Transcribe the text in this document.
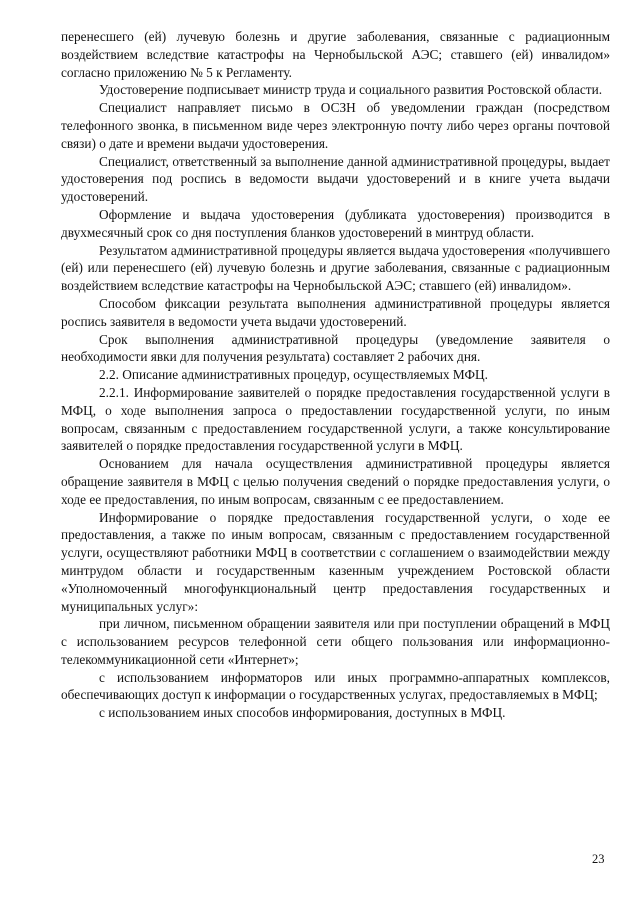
перенесшего (ей) лучевую болезнь и другие заболевания, связанные с радиационным воздействием вследствие катастрофы на Чернобыльской АЭС; ставшего (ей) инвалидом» согласно приложению № 5 к Регламенту.

Удостоверение подписывает министр труда и социального развития Ростовской области.

Специалист направляет письмо в ОСЗН об уведомлении граждан (посредством телефонного звонка, в письменном виде через электронную почту либо через органы почтовой связи) о дате и времени выдачи удостоверения.

Специалист, ответственный за выполнение данной административной процедуры, выдает удостоверения под роспись в ведомости выдачи удостоверений и в книге учета выдачи удостоверений.

Оформление и выдача удостоверения (дубликата удостоверения) производится в двухмесячный срок со дня поступления бланков удостоверений в минтруд области.

Результатом административной процедуры является выдача удостоверения «получившего (ей) или перенесшего (ей) лучевую болезнь и другие заболевания, связанные с радиационным воздействием вследствие катастрофы на Чернобыльской АЭС; ставшего (ей) инвалидом».

Способом фиксации результата выполнения административной процедуры является роспись заявителя в ведомости учета выдачи удостоверений.

Срок выполнения административной процедуры (уведомление заявителя о необходимости явки для получения результата) составляет 2 рабочих дня.

2.2. Описание административных процедур, осуществляемых МФЦ.

2.2.1. Информирование заявителей о порядке предоставления государственной услуги в МФЦ, о ходе выполнения запроса о предоставлении государственной услуги, по иным вопросам, связанным с предоставлением государственной услуги, а также консультирование заявителей о порядке предоставления государственной услуги в МФЦ.

Основанием для начала осуществления административной процедуры является обращение заявителя в МФЦ с целью получения сведений о порядке предоставления услуги, о ходе ее предоставления, по иным вопросам, связанным с ее предоставлением.

Информирование о порядке предоставления государственной услуги, о ходе ее предоставления, а также по иным вопросам, связанным с предоставлением государственной услуги, осуществляют работники МФЦ в соответствии с соглашением о взаимодействии между минтрудом области и государственным казенным учреждением Ростовской области «Уполномоченный многофункциональный центр предоставления государственных и муниципальных услуг»:

при личном, письменном обращении заявителя или при поступлении обращений в МФЦ с использованием ресурсов телефонной сети общего пользования или информационно-телекоммуникационной сети «Интернет»;

с использованием информаторов или иных программно-аппаратных комплексов, обеспечивающих доступ к информации о государственных услугах, предоставляемых в МФЦ;

с использованием иных способов информирования, доступных в МФЦ.

23
